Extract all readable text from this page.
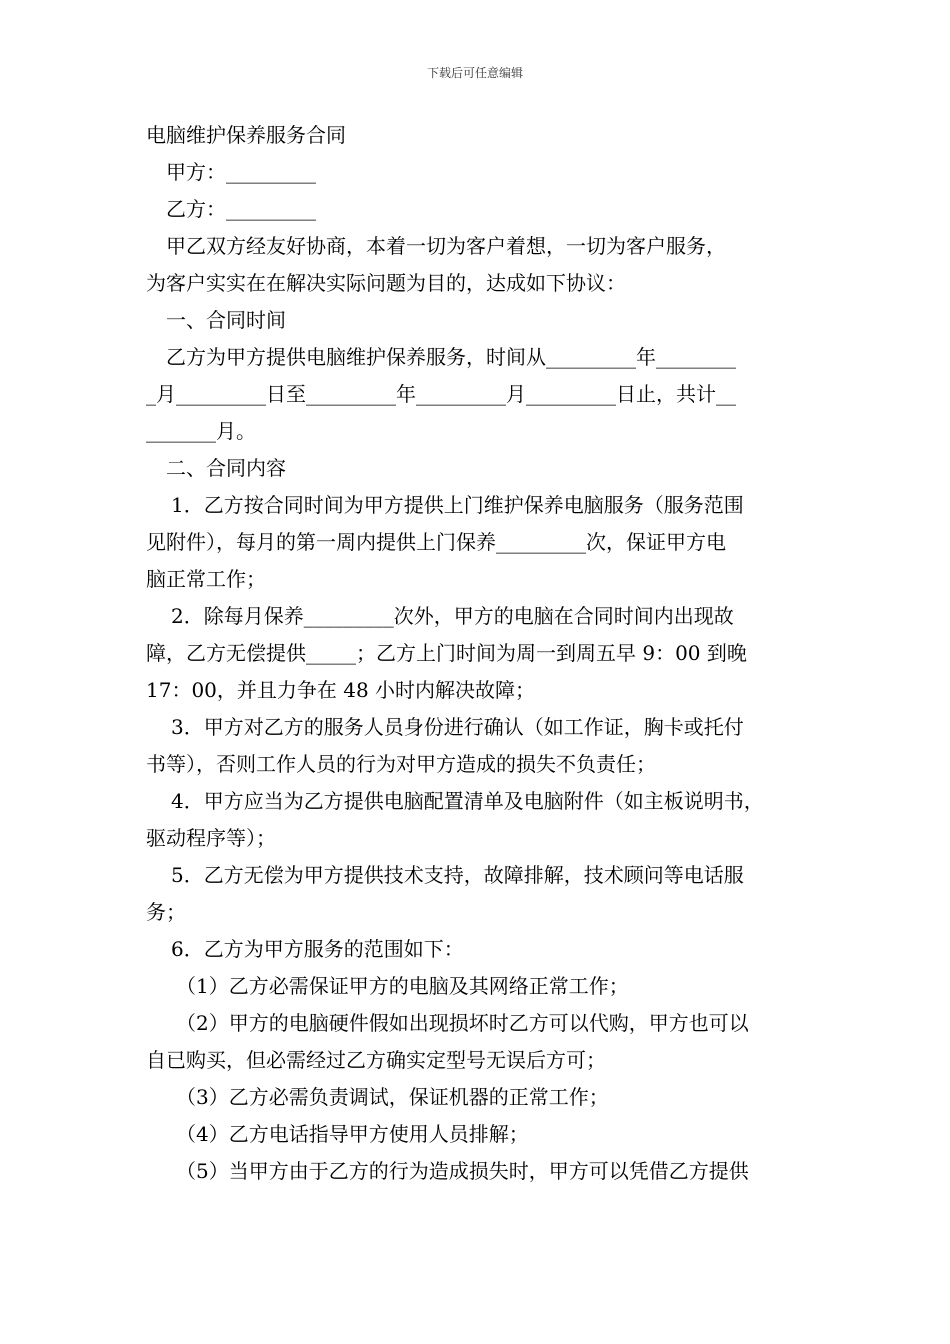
下载后可任意编辑
电脑维护保养服务合同
甲方：_________
乙方：_________
甲乙双方经友好协商，本着一切为客户着想，一切为客户服务，
为客户实实在在解决实际问题为目的，达成如下协议：
一、合同时间
乙方为甲方提供电脑维护保养服务，时间从_________年________
_月_________日至_________年_________月_________日止，共计__
_______月。
二、合同内容
1．乙方按合同时间为甲方提供上门维护保养电脑服务（服务范围
见附件），每月的第一周内提供上门保养_________次，保证甲方电
脑正常工作；
2．除每月保养_________次外，甲方的电脑在合同时间内出现故
障，乙方无偿提供_____；乙方上门时间为周一到周五早 9：00 到晚
17：00，并且力争在 48 小时内解决故障；
3．甲方对乙方的服务人员身份进行确认（如工作证，胸卡或托付
书等），否则工作人员的行为对甲方造成的损失不负责任；
4．甲方应当为乙方提供电脑配置清单及电脑附件（如主板说明书，
驱动程序等）；
5．乙方无偿为甲方提供技术支持，故障排解，技术顾问等电话服
务；
6．乙方为甲方服务的范围如下：
（1）乙方必需保证甲方的电脑及其网络正常工作；
（2）甲方的电脑硬件假如出现损坏时乙方可以代购，甲方也可以
自已购买，但必需经过乙方确实定型号无误后方可；
（3）乙方必需负责调试，保证机器的正常工作；
（4）乙方电话指导甲方使用人员排解；
（5）当甲方由于乙方的行为造成损失时，甲方可以凭借乙方提供
